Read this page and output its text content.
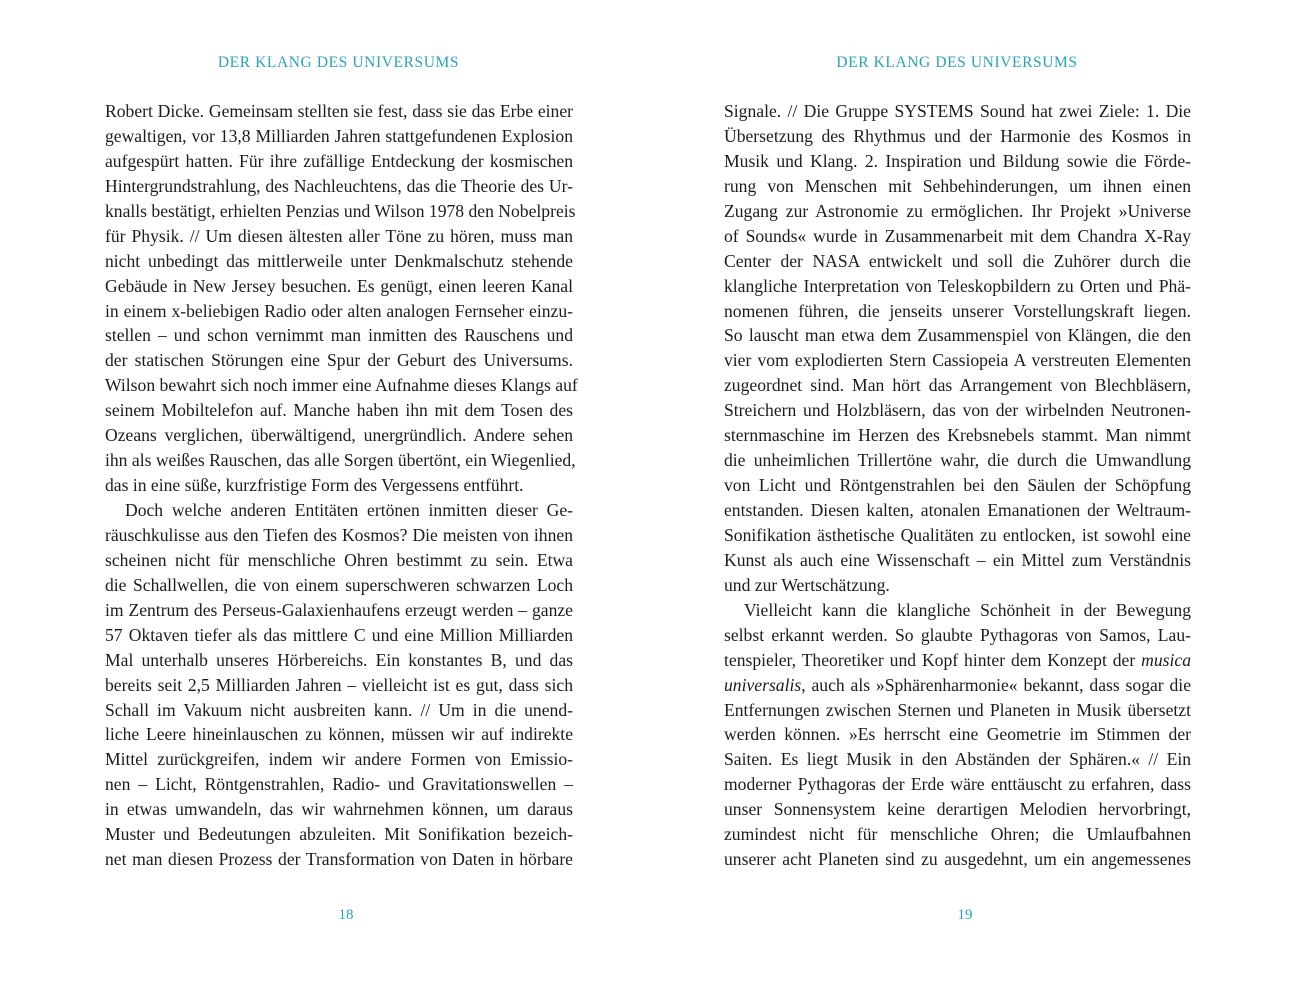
DER KLANG DES UNIVERSUMS
Robert Dicke. Gemeinsam stellten sie fest, dass sie das Erbe einer
gewaltigen, vor 13,8 Milliarden Jahren stattgefundenen Explosion
aufgespürt hatten. Für ihre zufällige Entdeckung der kosmischen
Hintergrundstrahlung, des Nachleuchtens, das die Theorie des Ur-
knalls bestätigt, erhielten Penzias und Wilson 1978 den Nobelpreis
für Physik. // Um diesen ältesten aller Töne zu hören, muss man
nicht unbedingt das mittlerweile unter Denkmalschutz stehende
Gebäude in New Jersey besuchen. Es genügt, einen leeren Kanal
in einem x-beliebigen Radio oder alten analogen Fernseher einzu-
stellen – und schon vernimmt man inmitten des Rauschens und
der statischen Störungen eine Spur der Geburt des Universums.
Wilson bewahrt sich noch immer eine Aufnahme dieses Klangs auf
seinem Mobiltelefon auf. Manche haben ihn mit dem Tosen des
Ozeans verglichen, überwältigend, unergründlich. Andere sehen
ihn als weißes Rauschen, das alle Sorgen übertönt, ein Wiegenlied,
das in eine süße, kurzfristige Form des Vergessens entführt.
Doch welche anderen Entitäten ertönen inmitten dieser Ge-
räuschkulisse aus den Tiefen des Kosmos? Die meisten von ihnen
scheinen nicht für menschliche Ohren bestimmt zu sein. Etwa
die Schallwellen, die von einem superschweren schwarzen Loch
im Zentrum des Perseus-Galaxienhaufens erzeugt werden – ganze
57 Oktaven tiefer als das mittlere C und eine Million Milliarden
Mal unterhalb unseres Hörbereichs. Ein konstantes B, und das
bereits seit 2,5 Milliarden Jahren – vielleicht ist es gut, dass sich
Schall im Vakuum nicht ausbreiten kann. // Um in die unend-
liche Leere hineinlauschen zu können, müssen wir auf indirekte
Mittel zurückgreifen, indem wir andere Formen von Emissio-
nen – Licht, Röntgenstrahlen, Radio- und Gravitationswellen –
in etwas umwandeln, das wir wahrnehmen können, um daraus
Muster und Bedeutungen abzuleiten. Mit Sonifikation bezeich-
net man diesen Prozess der Transformation von Daten in hörbare
18
DER KLANG DES UNIVERSUMS
Signale. // Die Gruppe SYSTEMS Sound hat zwei Ziele: 1. Die
Übersetzung des Rhythmus und der Harmonie des Kosmos in
Musik und Klang. 2. Inspiration und Bildung sowie die Förde-
rung von Menschen mit Sehbehinderungen, um ihnen einen
Zugang zur Astronomie zu ermöglichen. Ihr Projekt »Universe
of Sounds« wurde in Zusammenarbeit mit dem Chandra X-Ray
Center der NASA entwickelt und soll die Zuhörer durch die
klangliche Interpretation von Teleskopbildern zu Orten und Phä-
nomenen führen, die jenseits unserer Vorstellungskraft liegen.
So lauscht man etwa dem Zusammenspiel von Klängen, die den
vier vom explodierten Stern Cassiopeia A verstreuten Elementen
zugeordnet sind. Man hört das Arrangement von Blechbläsern,
Streichern und Holzbläsern, das von der wirbelnden Neutronen-
sternmaschine im Herzen des Krebsnebels stammt. Man nimmt
die unheimlichen Trillertöne wahr, die durch die Umwandlung
von Licht und Röntgenstrahlen bei den Säulen der Schöpfung
entstanden. Diesen kalten, atonalen Emanationen der Weltraum-
Sonifikation ästhetische Qualitäten zu entlocken, ist sowohl eine
Kunst als auch eine Wissenschaft – ein Mittel zum Verständnis
und zur Wertschätzung.
Vielleicht kann die klangliche Schönheit in der Bewegung
selbst erkannt werden. So glaubte Pythagoras von Samos, Lau-
tenspieler, Theoretiker und Kopf hinter dem Konzept der musica
universalis, auch als »Sphärenharmonie« bekannt, dass sogar die
Entfernungen zwischen Sternen und Planeten in Musik übersetzt
werden können. »Es herrscht eine Geometrie im Stimmen der
Saiten. Es liegt Musik in den Abständen der Sphären.« // Ein
moderner Pythagoras der Erde wäre enttäuscht zu erfahren, dass
unser Sonnensystem keine derartigen Melodien hervorbringt,
zumindest nicht für menschliche Ohren; die Umlaufbahnen
unserer acht Planeten sind zu ausgedehnt, um ein angemessenes
19
